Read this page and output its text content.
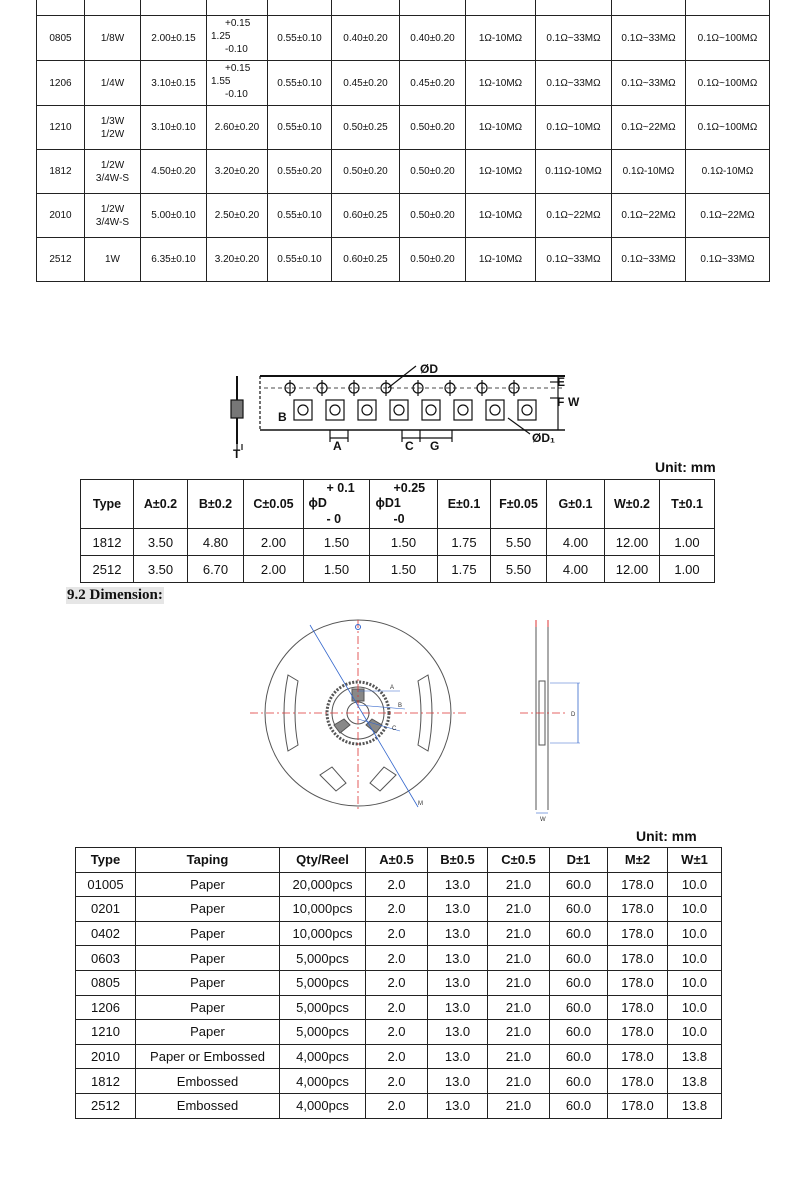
0805	1/8W	2.00±0.15	+0.15
1.25
-0.10	0.55±0.10	0.40±0.20	0.40±0.20	1Ω-10MΩ	0.1Ω~33MΩ	0.1Ω~33MΩ	0.1Ω~100MΩ
1206	1/4W	3.10±0.15	+0.15
1.55
-0.10	0.55±0.10	0.45±0.20	0.45±0.20	1Ω-10MΩ	0.1Ω~33MΩ	0.1Ω~33MΩ	0.1Ω~100MΩ
1210	1/3W
1/2W	3.10±0.10	2.60±0.20	0.55±0.10	0.50±0.25	0.50±0.20	1Ω-10MΩ	0.1Ω~10MΩ	0.1Ω~22MΩ	0.1Ω~100MΩ
1812	1/2W
3/4W-S	4.50±0.20	3.20±0.20	0.55±0.20	0.50±0.20	0.50±0.20	1Ω-10MΩ	0.11Ω-10MΩ	0.1Ω-10MΩ	0.1Ω-10MΩ
2010	1/2W
3/4W-S	5.00±0.10	2.50±0.20	0.55±0.10	0.60±0.25	0.50±0.20	1Ω-10MΩ	0.1Ω~22MΩ	0.1Ω~22MΩ	0.1Ω~22MΩ
2512	1W	6.35±0.10	3.20±0.20	0.55±0.10	0.60±0.25	0.50±0.20	1Ω-10MΩ	0.1Ω~33MΩ	0.1Ω~33MΩ	0.1Ω~33MΩ
ØD
E
F W
B
A	C G
ØD₁
T
Unit: mm
Type	A±0.2	B±0.2	C±0.05	+ 0.1
ϕD
- 0	+0.25
ϕD1
-0	E±0.1	F±0.05	G±0.1	W±0.2	T±0.1
1812	3.50	4.80	2.00	1.50	1.50	1.75	5.50	4.00	12.00	1.00
2512	3.50	6.70	2.00	1.50	1.50	1.75	5.50	4.00	12.00	1.00
9.2 Dimension:
A
B
C
D
M
W
Unit: mm
Type	Taping	Qty/Reel	A±0.5	B±0.5	C±0.5	D±1	M±2	W±1
01005	Paper	20,000pcs	2.0	13.0	21.0	60.0	178.0	10.0
0201	Paper	10,000pcs	2.0	13.0	21.0	60.0	178.0	10.0
0402	Paper	10,000pcs	2.0	13.0	21.0	60.0	178.0	10.0
0603	Paper	5,000pcs	2.0	13.0	21.0	60.0	178.0	10.0
0805	Paper	5,000pcs	2.0	13.0	21.0	60.0	178.0	10.0
1206	Paper	5,000pcs	2.0	13.0	21.0	60.0	178.0	10.0
1210	Paper	5,000pcs	2.0	13.0	21.0	60.0	178.0	10.0
2010	Paper or Embossed	4,000pcs	2.0	13.0	21.0	60.0	178.0	13.8
1812	Embossed	4,000pcs	2.0	13.0	21.0	60.0	178.0	13.8
2512	Embossed	4,000pcs	2.0	13.0	21.0	60.0	178.0	13.8
